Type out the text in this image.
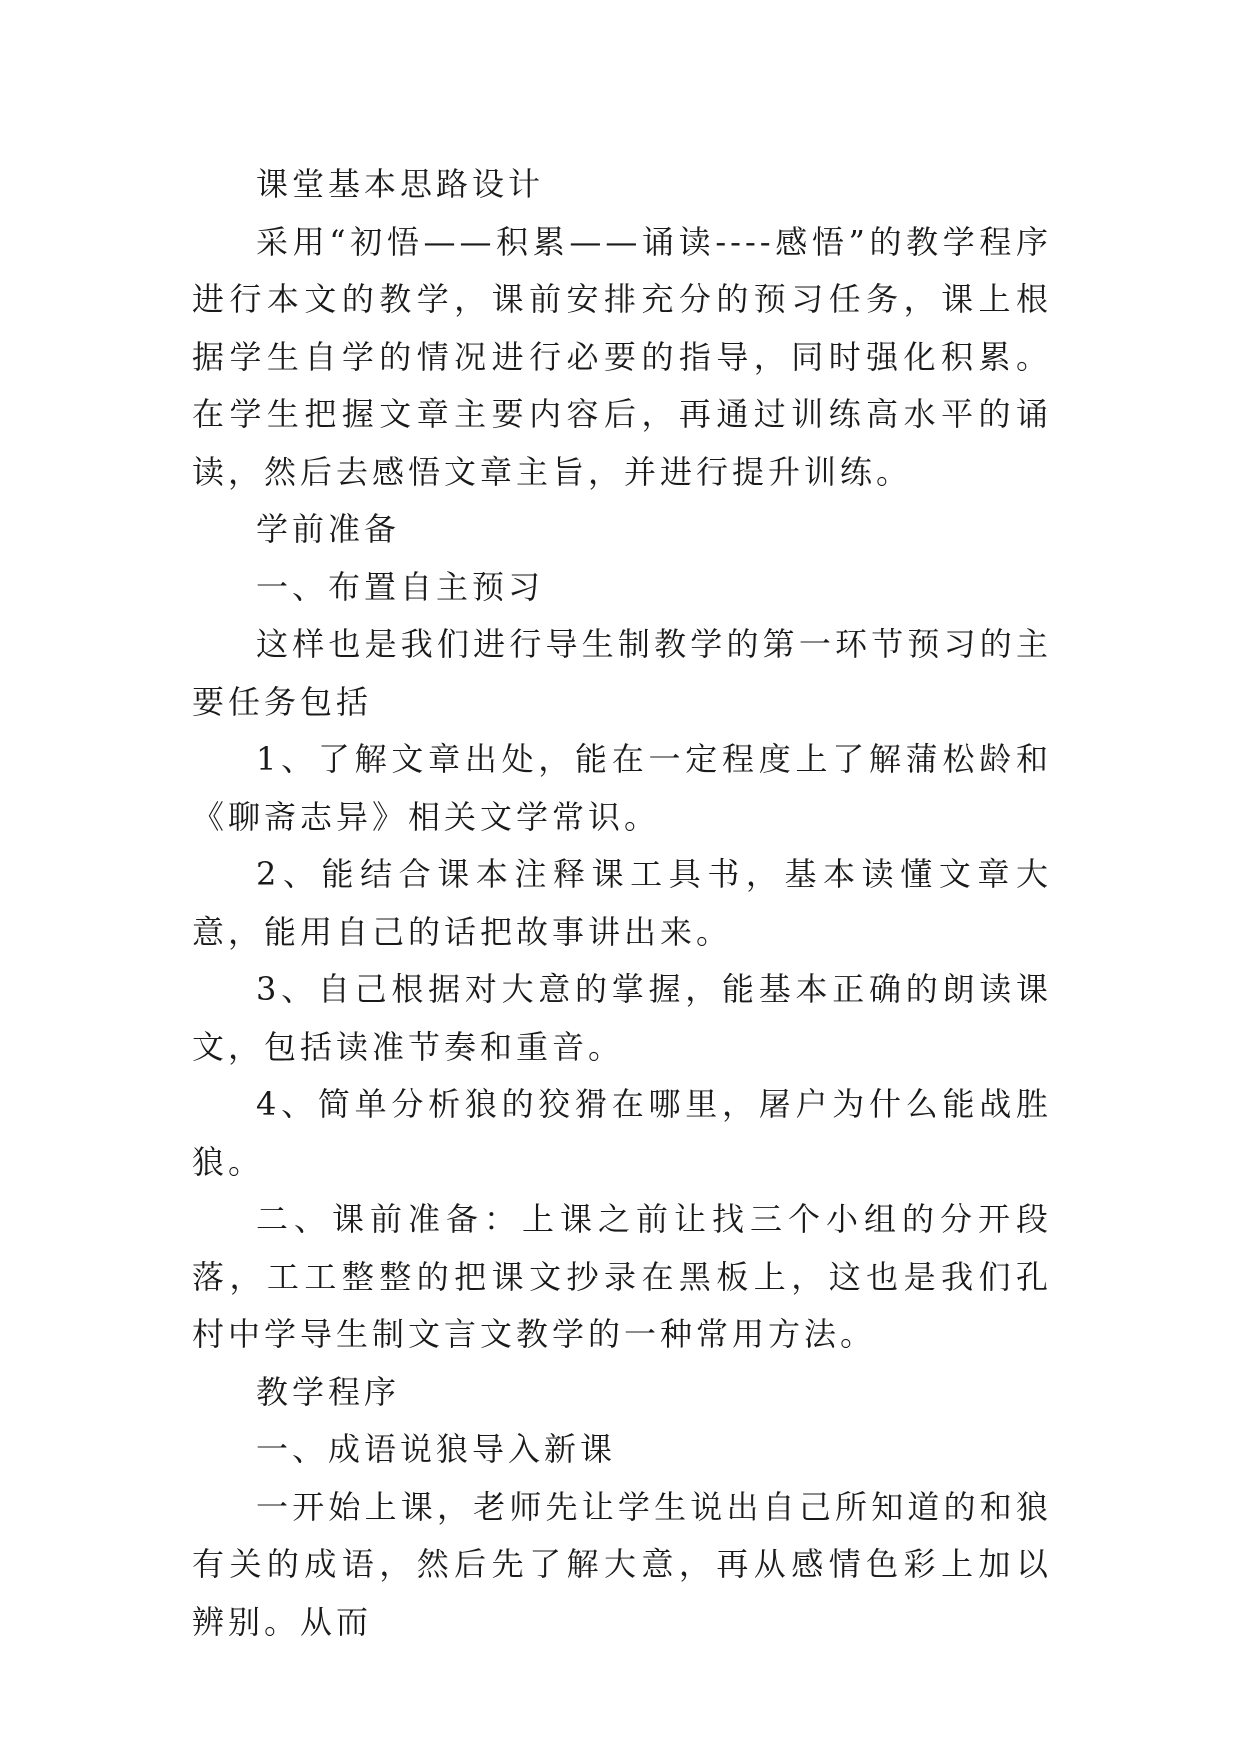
课堂基本思路设计

采用“初悟——积累——诵读----感悟”的教学程序进行本文的教学，课前安排充分的预习任务，课上根据学生自学的情况进行必要的指导，同时强化积累。在学生把握文章主要内容后，再通过训练高水平的诵读，然后去感悟文章主旨，并进行提升训练。

学前准备

一、布置自主预习

这样也是我们进行导生制教学的第一环节预习的主要任务包括

1、了解文章出处，能在一定程度上了解蒲松龄和《聊斋志异》相关文学常识。

2、能结合课本注释课工具书，基本读懂文章大意，能用自己的话把故事讲出来。

3、自己根据对大意的掌握，能基本正确的朗读课文，包括读准节奏和重音。

4、简单分析狼的狡猾在哪里，屠户为什么能战胜狼。

二、课前准备：上课之前让找三个小组的分开段落，工工整整的把课文抄录在黑板上，这也是我们孔村中学导生制文言文教学的一种常用方法。

教学程序

一、成语说狼导入新课

一开始上课，老师先让学生说出自己所知道的和狼有关的成语，然后先了解大意，再从感情色彩上加以辨别。从而
